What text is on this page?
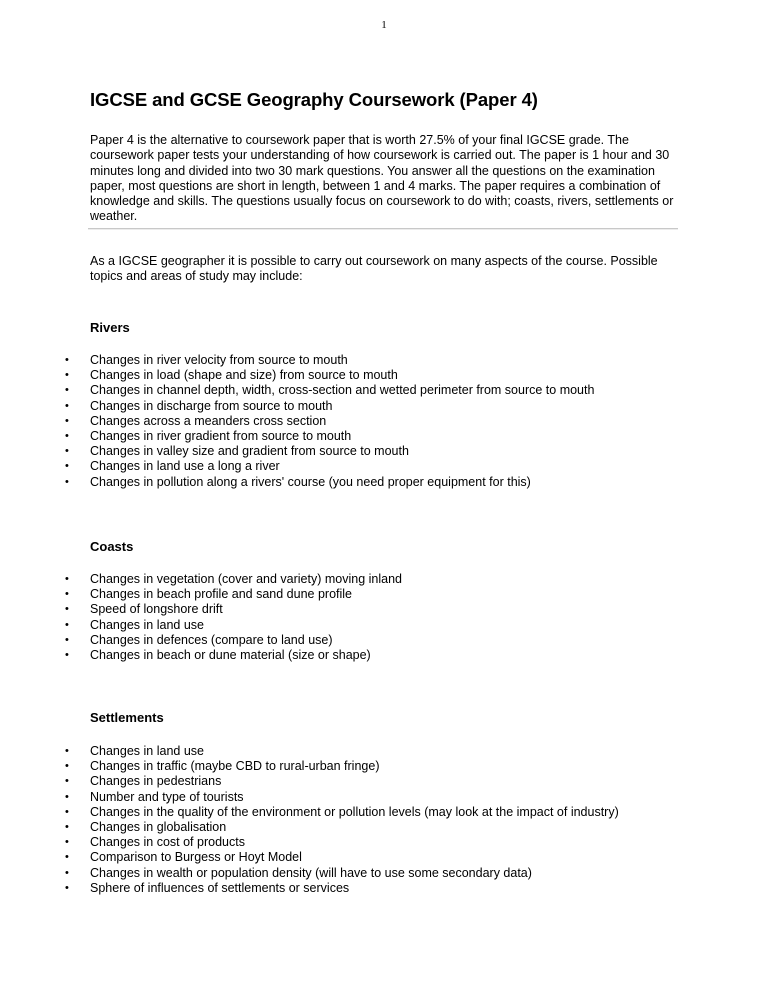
1
IGCSE and GCSE Geography Coursework (Paper 4)

Paper 4 is the alternative to coursework paper that is worth 27.5% of your final IGCSE grade. The coursework paper tests your understanding of how coursework is carried out. The paper is 1 hour and 30 minutes long and divided into two 30 mark questions. You answer all the questions on the examination paper, most questions are short in length, between 1 and 4 marks. The paper requires a combination of knowledge and skills. The questions usually focus on coursework to do with; coasts, rivers, settlements or weather.

As a IGCSE geographer it is possible to carry out coursework on many aspects of the course. Possible topics and areas of study may include:

Rivers
• Changes in river velocity from source to mouth
• Changes in load (shape and size) from source to mouth
• Changes in channel depth, width, cross-section and wetted perimeter from source to mouth
• Changes in discharge from source to mouth
• Changes across a meanders cross section
• Changes in river gradient from source to mouth
• Changes in valley size and gradient from source to mouth
• Changes in land use a long a river
• Changes in pollution along a rivers' course (you need proper equipment for this)
Coasts
• Changes in vegetation (cover and variety) moving inland
• Changes in beach profile and sand dune profile
• Speed of longshore drift
• Changes in land use
• Changes in defences (compare to land use)
• Changes in beach or dune material (size or shape)
Settlements
• Changes in land use
• Changes in traffic (maybe CBD to rural-urban fringe)
• Changes in pedestrians
• Number and type of tourists
• Changes in the quality of the environment or pollution levels (may look at the impact of industry)
• Changes in globalisation
• Changes in cost of products
• Comparison to Burgess or Hoyt Model
• Changes in wealth or population density (will have to use some secondary data)
• Sphere of influences of settlements or services
